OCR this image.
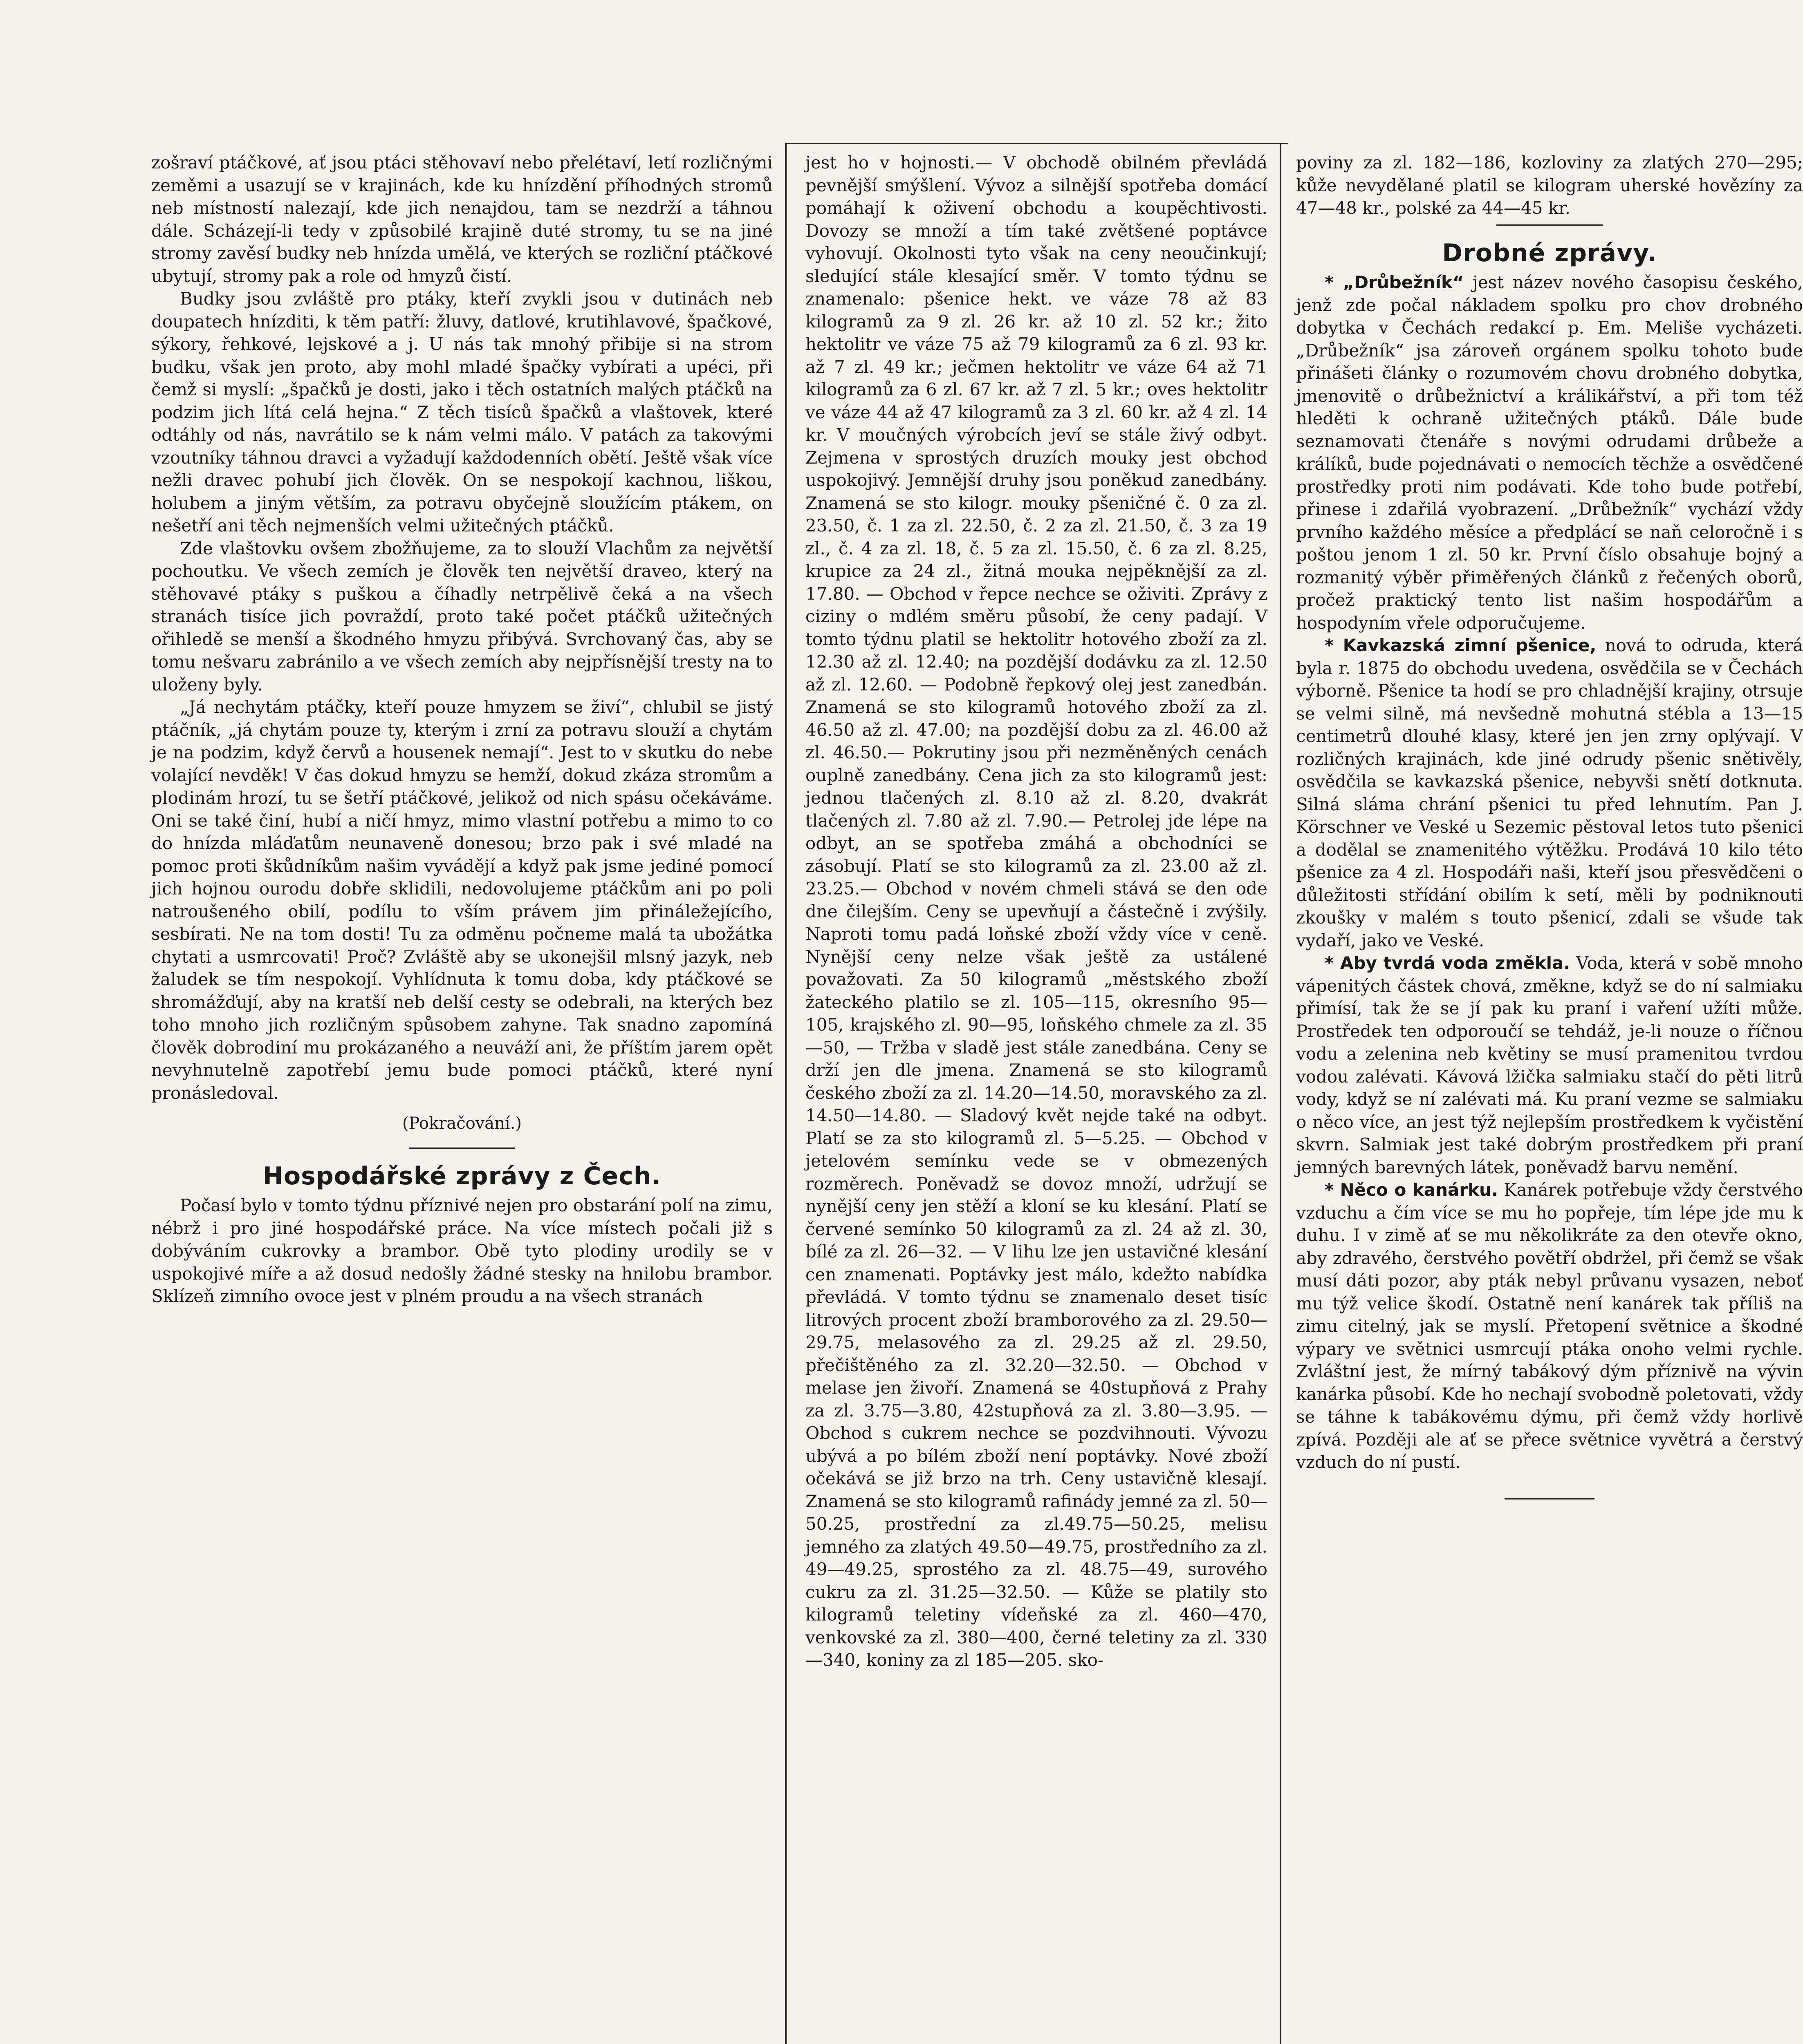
zošraví ptáčkové, ať jsou ptáci stěhovaví nebo přelétaví, letí rozličnými zeměmi a usazují se v krajinách, kde ku hnízdění příhodných stromů neb místností nalezají, kde jich nenajdou, tam se nezdrží a táhnou dále. Scházejí-li tedy v způsobilé krajině duté stromy, tu se na jiné stromy zavěsí budky neb hnízda umělá, ve kterých se rozliční ptáčkové ubytují, stromy pak a role od hmyzů čistí.

Budky jsou zvláště pro ptáky, kteří zvykli jsou v dutinách neb doupatech hnízditi, k těm patří: žluvy, datlové, krutihlavové, špačkové, sýkory, řehkové, lejskové a j. U nás tak mnohý přibije si na strom budku, však jen proto, aby mohl mladé špačky vybírati a upéci, při čemž si myslí: „špačků je dosti, jako i těch ostatních malých ptáčků na podzim jich lítá celá hejna.“ Z těch tisíců špačků a vlaštovek, které odtáhly od nás, navrátilo se k nám velmi málo. V patách za takovými vzoutníky táhnou dravci a vyžadují každodenních obětí. Ještě však více nežli dravec pohubí jich člověk. On se nespokojí kachnou, liškou, holubem a jiným větším, za potravu obyčejně sloužícím ptákem, on nešetří ani těch nejmenších velmi užitečných ptáčků.

Zde vlaštovku ovšem zbožňujeme, za to slouží Vlachům za největší pochoutku. Ve všech zemích je člověk ten největší draveo, který na stěhovavé ptáky s puškou a číhadly netrpělivě čeká a na všech stranách tisíce jich povraždí, proto také počet ptáčků užitečných ořihledě se menší a škodného hmyzu přibývá. Svrchovaný čas, aby se tomu nešvaru zabránilo a ve všech zemích aby nejpřísnější tresty na to uloženy byly.

„Já nechytám ptáčky, kteří pouze hmyzem se živí“, chlubil se jistý ptáčník, „já chytám pouze ty, kterým i zrní za potravu slouží a chytám je na podzim, když červů a housenek nemají“. Jest to v skutku do nebe volající nevděk! V čas dokud hmyzu se hemží, dokud zkáza stromům a plodinám hrozí, tu se šetří ptáčkové, jelikož od nich spásu očekáváme. Oni se také činí, hubí a ničí hmyz, mimo vlastní potřebu a mimo to co do hnízda mláďatům neunaveně donesou; brzo pak i své mladé na pomoc proti škůdníkům našim vyvádějí a když pak jsme jediné pomocí jich hojnou ourodu dobře sklidili, nedovolujeme ptáčkům ani po poli natroušeného obilí, podílu to vším právem jim přináležejícího, sesbírati. Ne na tom dosti! Tu za odměnu počneme malá ta ubožátka chytati a usmrcovati! Proč? Zvláště aby se ukonejšil mlsný jazyk, neb žaludek se tím nespokojí. Vyhlídnuta k tomu doba, kdy ptáčkové se shromážďují, aby na kratší neb delší cesty se odebrali, na kterých bez toho mnoho jich rozličným spůsobem zahyne. Tak snadno zapomíná člověk dobrodiní mu prokázaného a neuváží ani, že příštím jarem opět nevyhnutelně zapotřebí jemu bude pomoci ptáčků, které nyní pronásledoval.

(Pokračování.)
Hospodářské zprávy z Čech.

Počasí bylo v tomto týdnu příznivé nejen pro obstarání polí na zimu, nébrž i pro jiné hospodářské práce. Na více místech počali již s dobýváním cukrovky a brambor. Obě tyto plodiny urodily se v uspokojivé míře a až dosud nedošly žádné stesky na hnilobu brambor. Sklízeň zimního ovoce jest v plném proudu a na všech stranách

jest ho v hojnosti.— V obchodě obilném převládá pevnější smýšlení. Vývoz a silnější spotřeba domácí pomáhají k oživení obchodu a koupěchtivosti. Dovozy se množí a tím také zvětšené poptávce vyhovují. Okolnosti tyto však na ceny neoučinkují; sledující stále klesající směr. V tomto týdnu se znamenalo: pšenice hekt. ve váze 78 až 83 kilogramů za 9 zl. 26 kr. až 10 zl. 52 kr.; žito hektolitr ve váze 75 až 79 kilogramů za 6 zl. 93 kr. až 7 zl. 49 kr.; ječmen hektolitr ve váze 64 až 71 kilogramů za 6 zl. 67 kr. až 7 zl. 5 kr.; oves hektolitr ve váze 44 až 47 kilogramů za 3 zl. 60 kr. až 4 zl. 14 kr. V moučných výrobcích jeví se stále živý odbyt. Zejmena v sprostých druzích mouky jest obchod uspokojivý. Jemnější druhy jsou poněkud zanedbány. Znamená se sto kilogr. mouky pšeničné č. 0 za zl. 23.50, č. 1 za zl. 22.50, č. 2 za zl. 21.50, č. 3 za 19 zl., č. 4 za zl. 18, č. 5 za zl. 15.50, č. 6 za zl. 8.25, krupice za 24 zl., žitná mouka nejpěknější za zl. 17.80. — Obchod v řepce nechce se oživiti. Zprávy z ciziny o mdlém směru působí, že ceny padají. V tomto týdnu platil se hektolitr hotového zboží za zl. 12.30 až zl. 12.40; na pozdější dodávku za zl. 12.50 až zl. 12.60. — Podobně řepkový olej jest zanedbán. Znamená se sto kilogramů hotového zboží za zl. 46.50 až zl. 47.00; na pozdější dobu za zl. 46.00 až zl. 46.50.— Pokrutiny jsou při nezměněných cenách ouplně zanedbány. Cena jich za sto kilogramů jest: jednou tlačených zl. 8.10 až zl. 8.20, dvakrát tlačených zl. 7.80 až zl. 7.90.— Petrolej jde lépe na odbyt, an se spotřeba zmáhá a obchodníci se zásobují. Platí se sto kilogramů za zl. 23.00 až zl. 23.25.— Obchod v novém chmeli stává se den ode dne čilejším. Ceny se upevňují a částečně i zvýšily. Naproti tomu padá loňské zboží vždy více v ceně. Nynější ceny nelze však ještě za ustálené považovati. Za 50 kilogramů „městského zboží žateckého platilo se zl. 105—115, okresního 95—105, krajského zl. 90—95, loňského chmele za zl. 35—50, — Tržba v sladě jest stále zanedbána. Ceny se drží jen dle jmena. Znamená se sto kilogramů českého zboží za zl. 14.20—14.50, moravského za zl. 14.50—14.80. — Sladový květ nejde také na odbyt. Platí se za sto kilogramů zl. 5—5.25. — Obchod v jetelovém semínku vede se v obmezených rozměrech. Poněvadž se dovoz množí, udržují se nynější ceny jen stěží a kloní se ku klesání. Platí se červené semínko 50 kilogramů za zl. 24 až zl. 30, bílé za zl. 26—32. — V lihu lze jen ustavičné klesání cen znamenati. Poptávky jest málo, kdežto nabídka převládá. V tomto týdnu se znamenalo deset tisíc litrových procent zboží bramborového za zl. 29.50—29.75, melasového za zl. 29.25 až zl. 29.50, přečištěného za zl. 32.20—32.50. — Obchod v melase jen živoří. Znamená se 40stupňová z Prahy za zl. 3.75—3.80, 42stupňová za zl. 3.80—3.95. — Obchod s cukrem nechce se pozdvihnouti. Vývozu ubývá a po bílém zboží není poptávky. Nové zboží očekává se již brzo na trh. Ceny ustavičně klesají. Znamená se sto kilogramů rafinády jemné za zl. 50—50.25, prostřední za zl.49.75—50.25, melisu jemného za zlatých 49.50—49.75, prostředního za zl. 49—49.25, sprostého za zl. 48.75—49, surového cukru za zl. 31.25—32.50. — Kůže se platily sto kilogramů teletiny vídeňské za zl. 460—470, venkovské za zl. 380—400, černé teletiny za zl. 330—340, koniny za zl 185—205. sko-

poviny za zl. 182—186, kozloviny za zlatých 270—295; kůže nevydělané platil se kilogram uherské hovězíny za 47—48 kr., polské za 44—45 kr.

Drobné zprávy.

* „Drůbežník“ jest název nového časopisu českého, jenž zde počal nákladem spolku pro chov drobného dobytka v Čechách redakcí p. Em. Meliše vycházeti. „Drůbežník“ jsa zároveň orgánem spolku tohoto bude přinášeti články o rozumovém chovu drobného dobytka, jmenovitě o drůbežnictví a králikářství, a při tom též hleděti k ochraně užitečných ptáků. Dále bude seznamovati čtenáře s novými odrudami drůbeže a králíků, bude pojednávati o nemocích těchže a osvědčené prostředky proti nim podávati. Kde toho bude potřebí, přinese i zdařilá vyobrazení. „Drůbežník“ vychází vždy prvního každého měsíce a předplácí se naň celoročně i s poštou jenom 1 zl. 50 kr. První číslo obsahuje bojný a rozmanitý výběr přiměřených článků z řečených oborů, pročež praktický tento list našim hospodářům a hospodyním vřele odporučujeme.

* Kavkazská zimní pšenice, nová to odruda, která byla r. 1875 do obchodu uvedena, osvědčila se v Čechách výborně. Pšenice ta hodí se pro chladnější krajiny, otrsuje se velmi silně, má nevšedně mohutná stébla a 13—15 centimetrů dlouhé klasy, které jen jen zrny oplývají. V rozličných krajinách, kde jiné odrudy pšenic snětivěly, osvědčila se kavkazská pšenice, nebyvši snětí dotknuta. Silná sláma chrání pšenici tu před lehnutím. Pan J. Körschner ve Veské u Sezemic pěstoval letos tuto pšenici a dodělal se znamenitého výtěžku. Prodává 10 kilo této pšenice za 4 zl. Hospodáři naši, kteří jsou přesvědčeni o důležitosti střídání obilím k setí, měli by podniknouti zkoušky v malém s touto pšenicí, zdali se všude tak vydaří, jako ve Veské.

* Aby tvrdá voda změkla. Voda, která v sobě mnoho vápenitých částek chová, změkne, když se do ní salmiaku přimísí, tak že se jí pak ku praní i vaření užíti může. Prostředek ten odporoučí se tehdáž, je-li nouze o říčnou vodu a zelenina neb květiny se musí pramenitou tvrdou vodou zalévati. Kávová lžička salmiaku stačí do pěti litrů vody, když se ní zalévati má. Ku praní vezme se salmiaku o něco více, an jest týž nejlepším prostředkem k vyčistění skvrn. Salmiak jest také dobrým prostředkem při praní jemných barevných látek, poněvadž barvu nemění.

* Něco o kanárku. Kanárek potřebuje vždy čerstvého vzduchu a čím více se mu ho popřeje, tím lépe jde mu k duhu. I v zimě ať se mu několikráte za den otevře okno, aby zdravého, čerstvého povětří obdržel, při čemž se však musí dáti pozor, aby pták nebyl průvanu vysazen, neboť mu týž velice škodí. Ostatně není kanárek tak příliš na zimu citelný, jak se myslí. Přetopení světnice a škodné výpary ve světnici usmrcují ptáka onoho velmi rychle. Zvláštní jest, že mírný tabákový dým příznivě na vývin kanárka působí. Kde ho nechají svobodně poletovati, vždy se táhne k tabákovému dýmu, při čemž vždy horlivě zpívá. Později ale ať se přece světnice vyvětrá a čerstvý vzduch do ní pustí.
